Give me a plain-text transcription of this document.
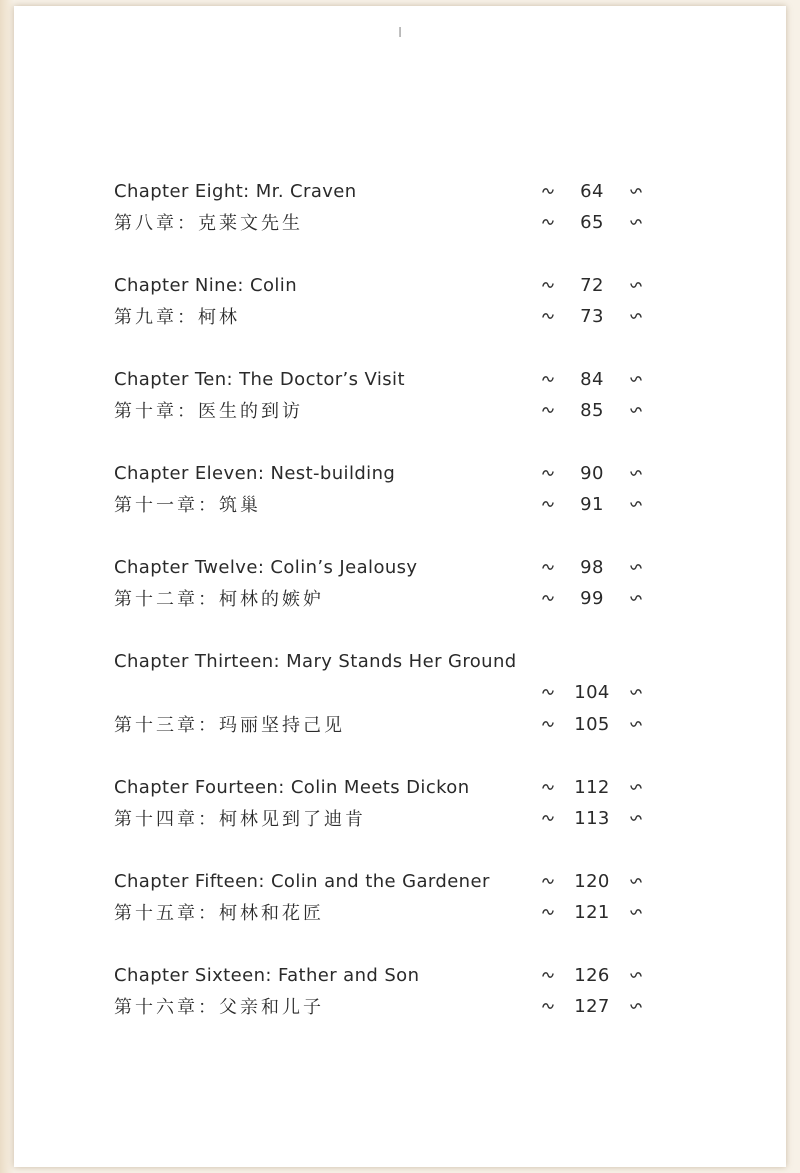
I
Chapter Eight: Mr. Craven	64
第八章：克莱文先生	65
Chapter Nine: Colin	72
第九章：柯林	73
Chapter Ten: The Doctor’s Visit	84
第十章：医生的到访	85
Chapter Eleven: Nest-building	90
第十一章：筑巢	91
Chapter Twelve: Colin’s Jealousy	98
第十二章：柯林的嫉妒	99
Chapter Thirteen: Mary Stands Her Ground
104
第十三章：玛丽坚持己见	105
Chapter Fourteen: Colin Meets Dickon	112
第十四章：柯林见到了迪肯	113
Chapter Fifteen: Colin and the Gardener	120
第十五章：柯林和花匠	121
Chapter Sixteen: Father and Son	126
第十六章：父亲和儿子	127
